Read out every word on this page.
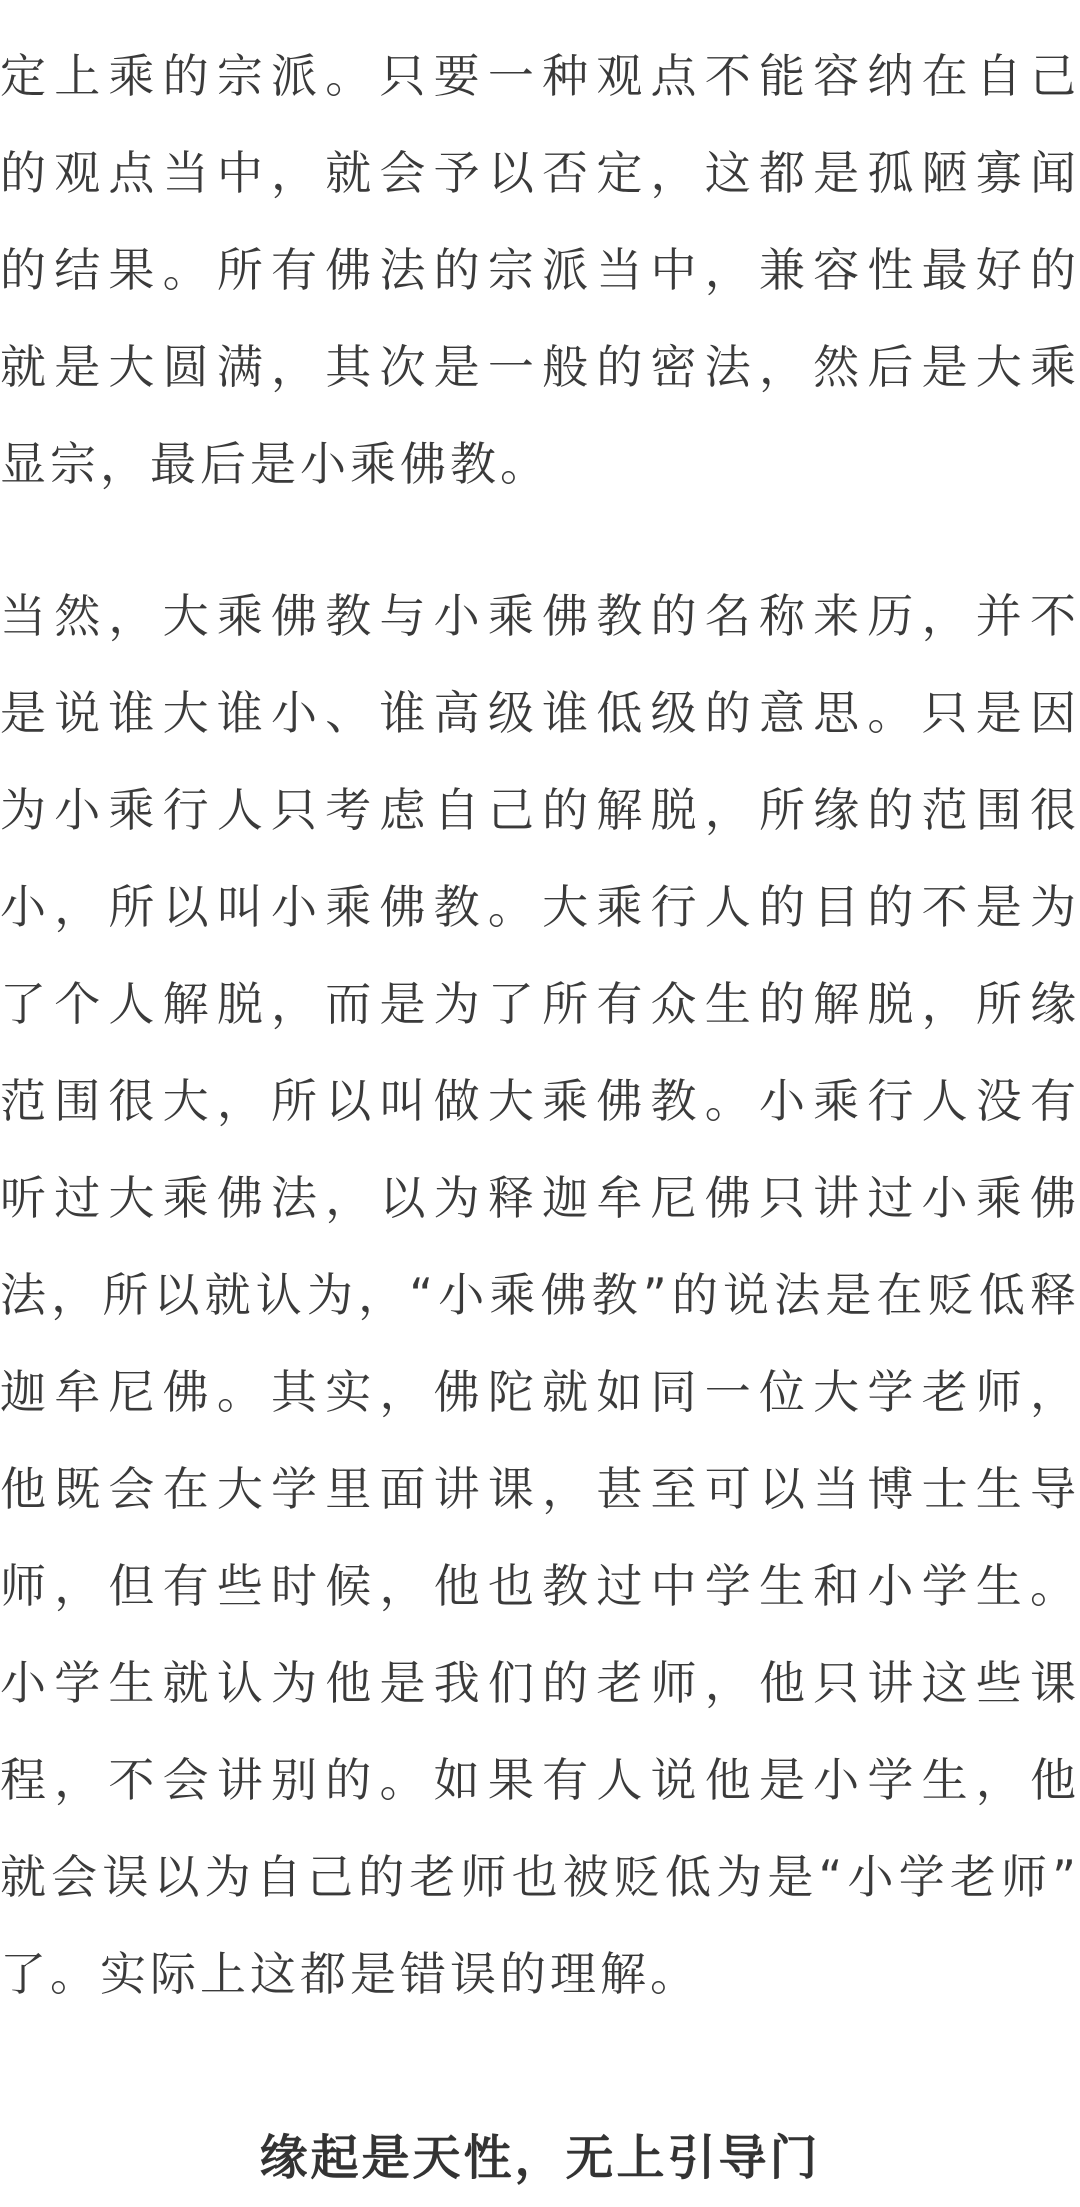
定上乘的宗派。只要一种观点不能容纳在自己
的观点当中，就会予以否定，这都是孤陋寡闻
的结果。所有佛法的宗派当中，兼容性最好的
就是大圆满，其次是一般的密法，然后是大乘
显宗，最后是小乘佛教。
当然，大乘佛教与小乘佛教的名称来历，并不
是说谁大谁小、谁高级谁低级的意思。只是因
为小乘行人只考虑自己的解脱，所缘的范围很
小，所以叫小乘佛教。大乘行人的目的不是为
了个人解脱，而是为了所有众生的解脱，所缘
范围很大，所以叫做大乘佛教。小乘行人没有
听过大乘佛法，以为释迦牟尼佛只讲过小乘佛
法，所以就认为，“小乘佛教”的说法是在贬低释
迦牟尼佛。其实，佛陀就如同一位大学老师，
他既会在大学里面讲课，甚至可以当博士生导
师，但有些时候，他也教过中学生和小学生。
小学生就认为他是我们的老师，他只讲这些课
程，不会讲别的。如果有人说他是小学生，他
就会误以为自己的老师也被贬低为是“小学老师”
了。实际上这都是错误的理解。
缘起是天性，无上引导门
